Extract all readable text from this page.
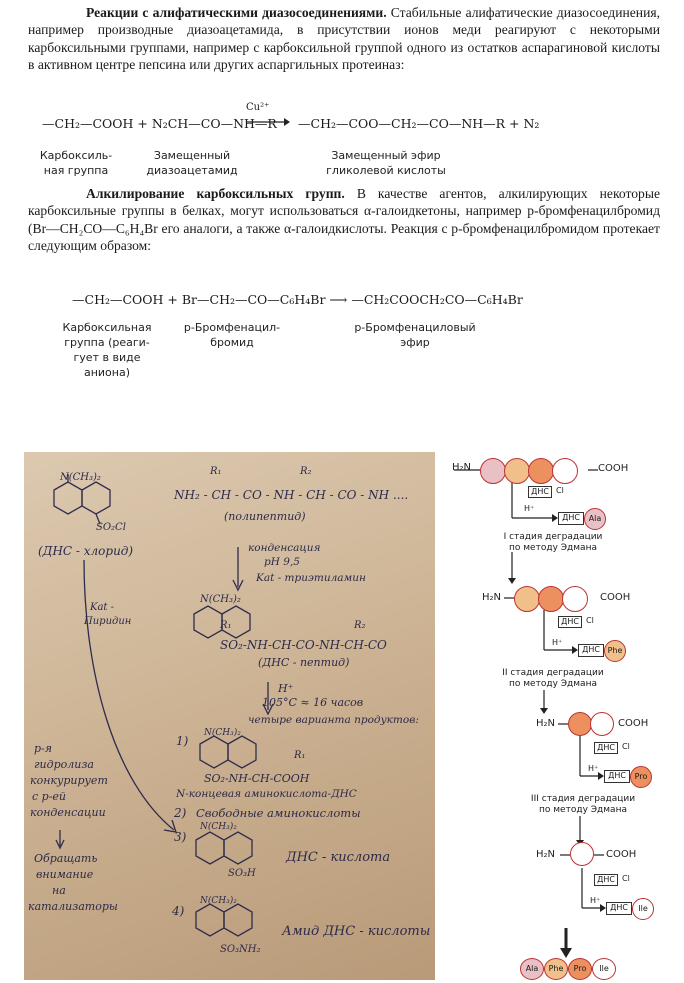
Реакции с алифатическими диазосоединениями. Стабильные алифатические диазосоединения, например производные диазоацетамида, в присутствии ионов меди реагируют с некоторыми карбоксильными группами, например с карбоксильной группой одного из остатков аспарагиновой кислоты в активном центре пепсина или других аспаргильных протеиназ:
—CH₂—COOH + N₂CH—CO—NH—R
Cu²⁺
—CH₂—COO—CH₂—CO—NH—R + N₂
Карбоксиль-
ная группа
Замещенный
диазоацетамид
Замещенный эфир
гликолевой кислоты
Алкилирование карбоксильных групп. В качестве агентов, алкилирующих некоторые карбоксильные группы в белках, могут использоваться α-галоидкетоны, например p-бромфенацилбромид (Br—CH₂CO—C₆H₄Br его аналоги, а также α-галоидкислоты. Реакция с p-бромфенацилбромидом протекает следующим образом:
—CH₂—COOH + Br—CH₂—CO—C₆H₄Br ⟶ —CH₂COOCH₂CO—C₆H₄Br
Карбоксильная
группа (реаги-
гует в виде
аниона)
p-Бромфенацил-
бромид
p-Бромфенациловый
эфир
N(CH₃)₂
SO₂Cl
(ДНС - хлорид)
R₁	R₂
NH₂ - CH - CO - NH - CH - CO - NH ....
(полипептид)
конденсация
pH 9,5
Kat - триэтиламин
Kat -
Пиридин
N(CH₃)₂
R₁	R₂
SO₂-NH-CH-CO-NH-CH-CO
(ДНС - пептид)
H⁺
105°C ≈ 16 часов
четыре варианта продуктов:
1)
N(CH₃)₂
R₁
SO₂-NH-CH-COOH
N-концевая аминокислота-ДНС
2) Свободные аминокислоты
3)
N(CH₃)₂
SO₃H
ДНС - кислота
4)
N(CH₃)₂
SO₃NH₂
Амид ДНС - кислоты
р-я
гидролиза
конкурирует
с р-ей
конденсации
Обращать
внимание
на
катализаторы
H₂N	COOH
ДНС Cl
H⁺
ДНС	Ala
I стадия деградации
по методу Эдмана
H₂N	COOH
ДНС Cl
H⁺
ДНС Phe
II стадия деградации
по методу Эдмана
H₂N	COOH
ДНС Cl
H⁺
ДНС	Pro
III стадия деградации
по методу Эдмана
H₂N	COOH
ДНС Cl
H⁺
ДНС	Ile
Ala	Phe	Pro	Ile
